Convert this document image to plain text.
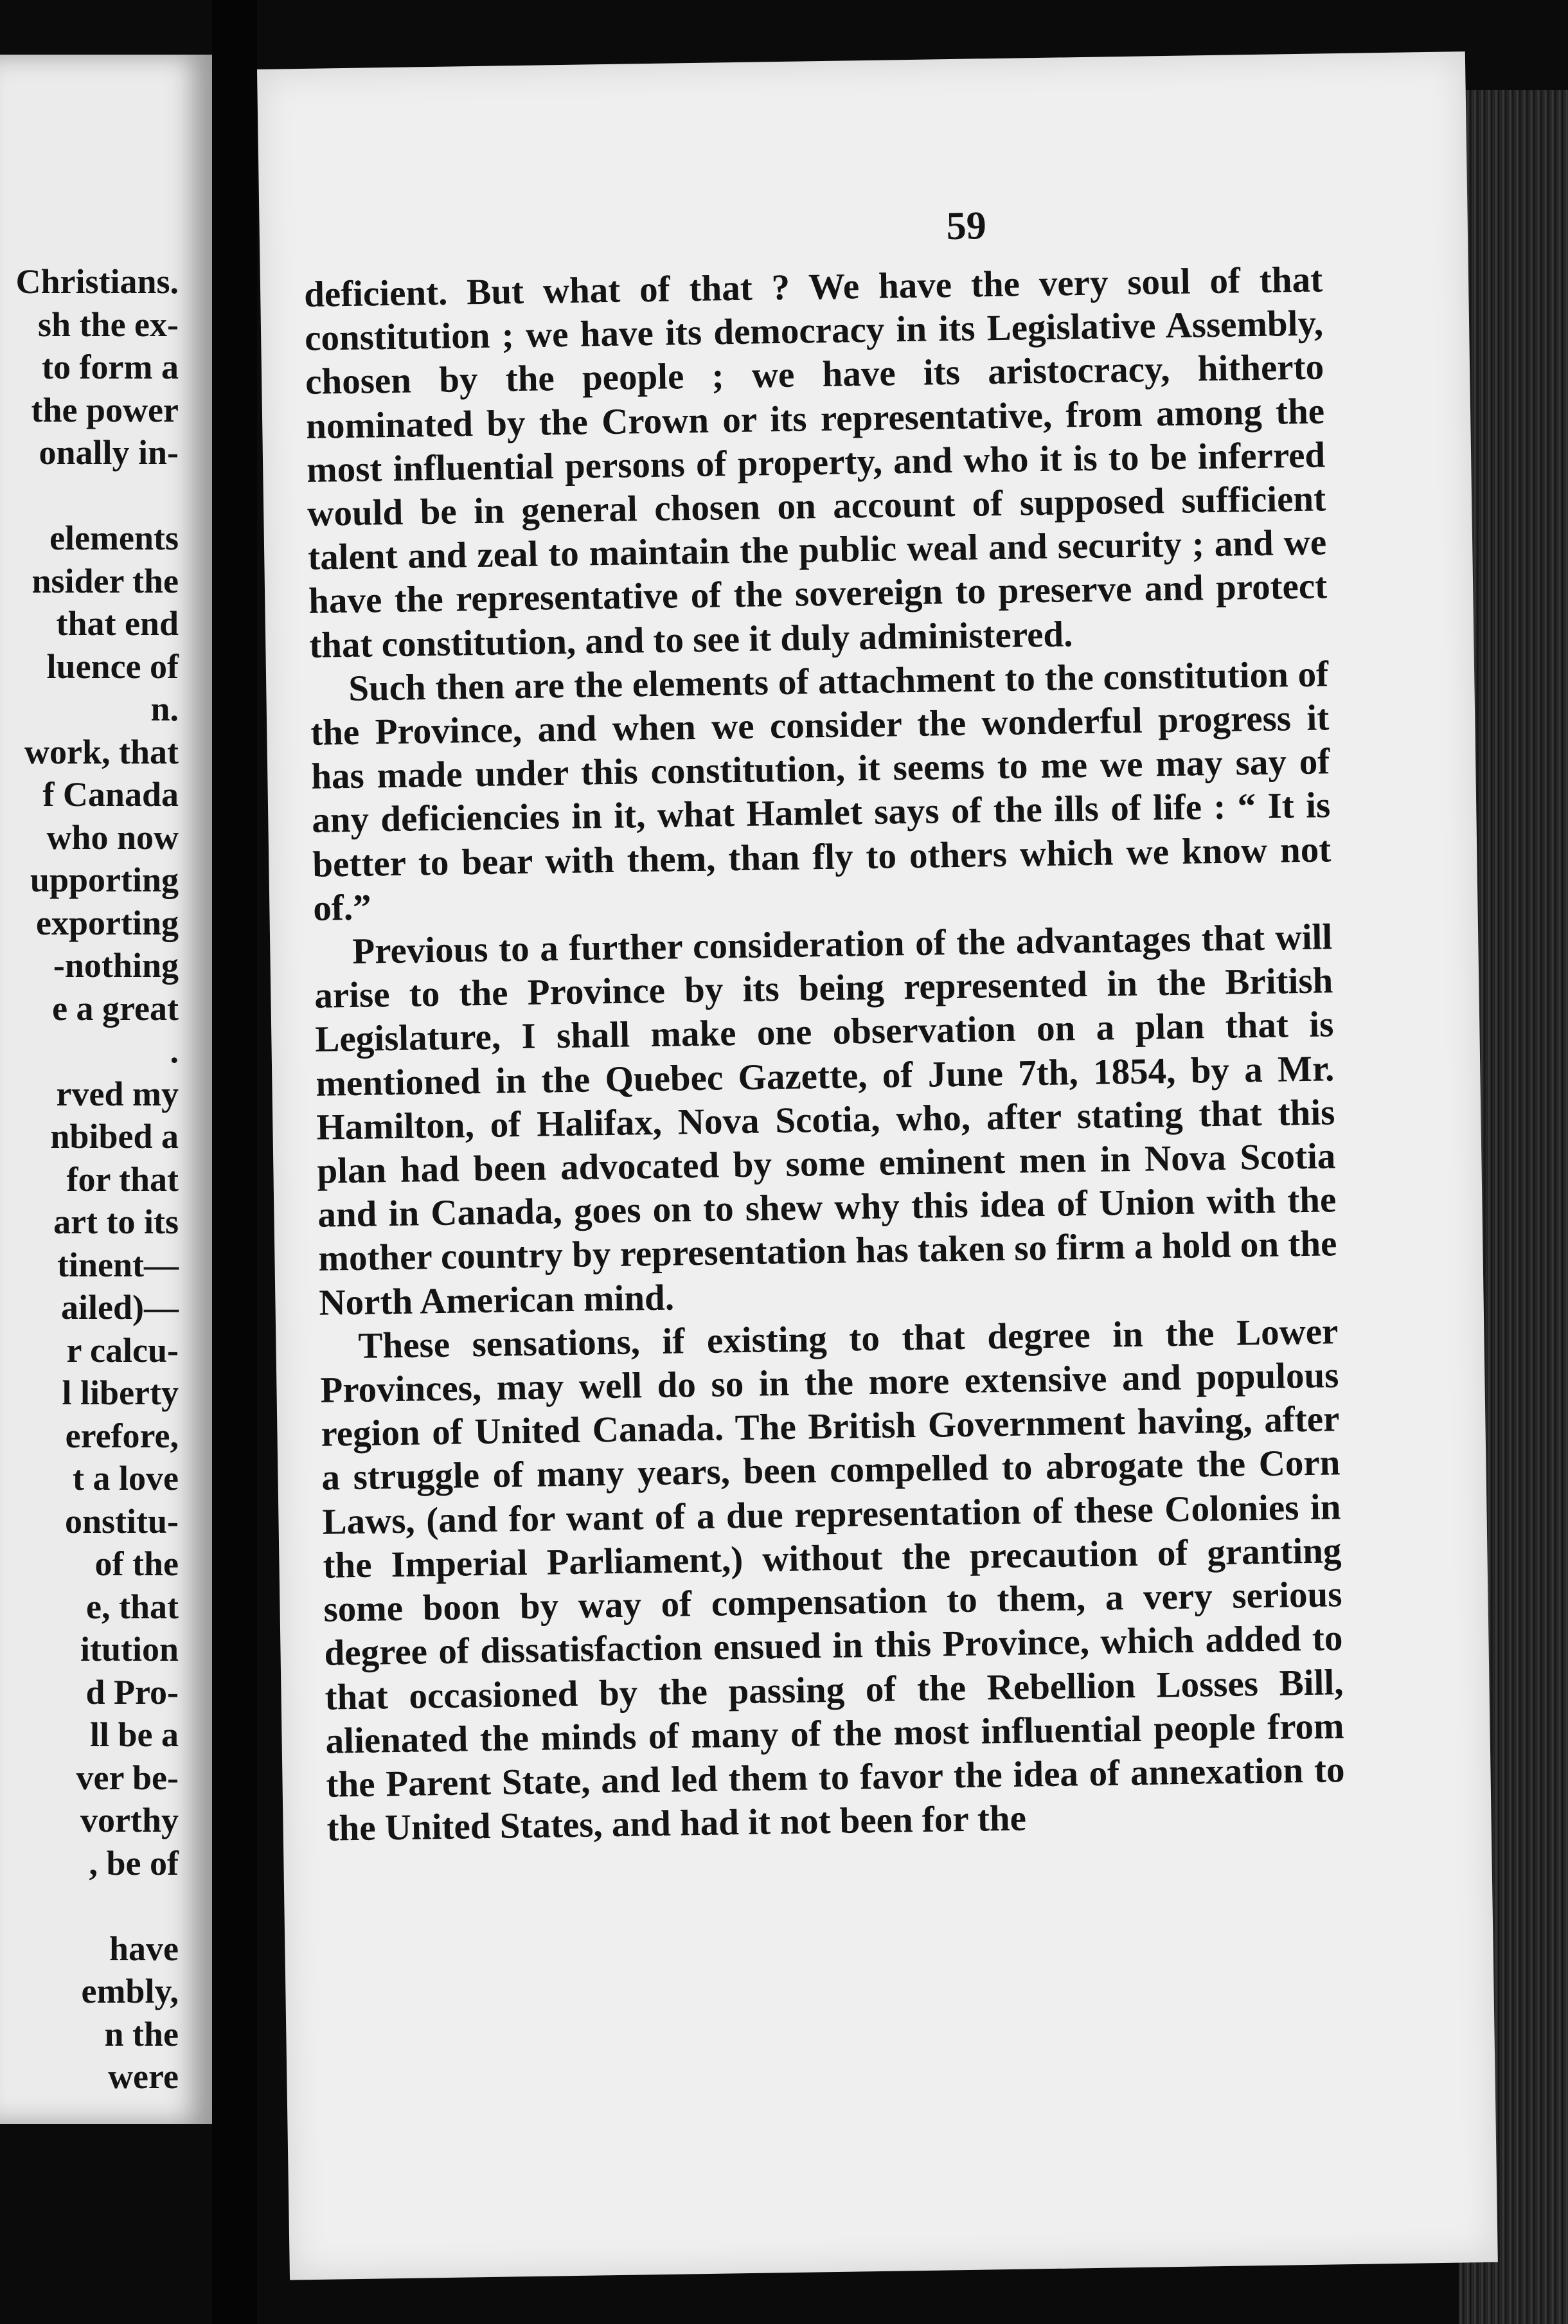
Christians.
sh the ex-
to form a
the power
onally in-
elements
nsider the
that end
luence of
n.
work, that
f Canada
who now
upporting
exporting
-nothing
e a great
.
rved my
nbibed a
for that
art to its
tinent—
ailed)—
r calcu-
l liberty
erefore,
t a love
onstitu-
of the
e, that
itution
d Pro-
ll be a
ver be-
vorthy
, be of
have
embly,
n the
were
59

deficient. But what of that ? We have the very soul of that constitution ; we have its democracy in its Legislative Assembly, chosen by the people ; we have its aristocracy, hitherto nominated by the Crown or its representative, from among the most influential persons of property, and who it is to be inferred would be in general chosen on account of supposed sufficient talent and zeal to maintain the public weal and security ; and we have the representative of the sovereign to preserve and protect that constitution, and to see it duly administered.

Such then are the elements of attachment to the constitution of the Province, and when we consider the wonderful progress it has made under this constitution, it seems to me we may say of any deficiencies in it, what Hamlet says of the ills of life : “ It is better to bear with them, than fly to others which we know not of.”

Previous to a further consideration of the advantages that will arise to the Province by its being represented in the British Legislature, I shall make one observation on a plan that is mentioned in the Quebec Gazette, of June 7th, 1854, by a Mr. Hamilton, of Halifax, Nova Scotia, who, after stating that this plan had been advocated by some eminent men in Nova Scotia and in Canada, goes on to shew why this idea of Union with the mother country by representation has taken so firm a hold on the North American mind.

These sensations, if existing to that degree in the Lower Provinces, may well do so in the more extensive and populous region of United Canada. The British Government having, after a struggle of many years, been compelled to abrogate the Corn Laws, (and for want of a due representation of these Colonies in the Imperial Parliament,) without the precaution of granting some boon by way of compensation to them, a very serious degree of dissatisfaction ensued in this Province, which added to that occasioned by the passing of the Rebellion Losses Bill, alienated the minds of many of the most influential people from the Parent State, and led them to favor the idea of annexation to the United States, and had it not been for the
